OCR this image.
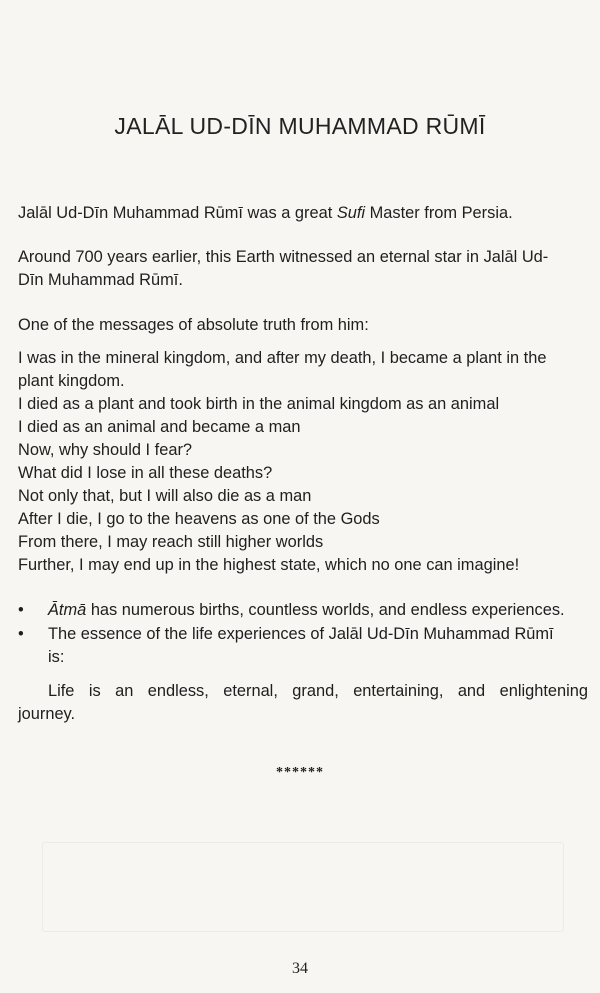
JALĀL UD-DĪN MUHAMMAD RŪMĪ
Jalāl Ud-Dīn Muhammad Rūmī was a great Sufi Master from Persia.
Around 700 years earlier, this Earth witnessed an eternal star in Jalāl Ud-
Dīn Muhammad Rūmī.
One of the messages of absolute truth from him:
I was in the mineral kingdom, and after my death, I became a plant in the
plant kingdom.
I died as a plant and took birth in the animal kingdom as an animal
I died as an animal and became a man
Now, why should I fear?
What did I lose in all these deaths?
Not only that, but I will also die as a man
After I die, I go to the heavens as one of the Gods
From there, I may reach still higher worlds
Further, I may end up in the highest state, which no one can imagine!
• Ātmā has numerous births, countless worlds, and endless experiences.
• The essence of the life experiences of Jalāl Ud-Dīn Muhammad Rūmī
is:
Life is an endless, eternal, grand, entertaining, and enlightening
journey.
******
34
